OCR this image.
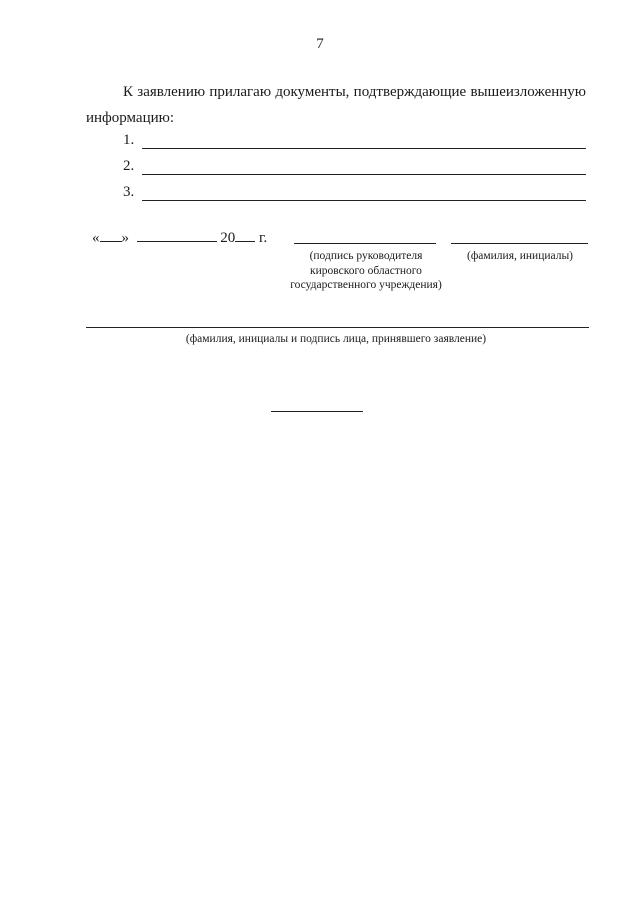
7
К заявлению прилагаю документы, подтверждающие вышеизложенную информацию:
1.
2.
3.
« »	20 г.
(подпись руководителя кировского областного государственного учреждения)
(фамилия, инициалы)
(фамилия, инициалы и подпись лица, принявшего заявление)
